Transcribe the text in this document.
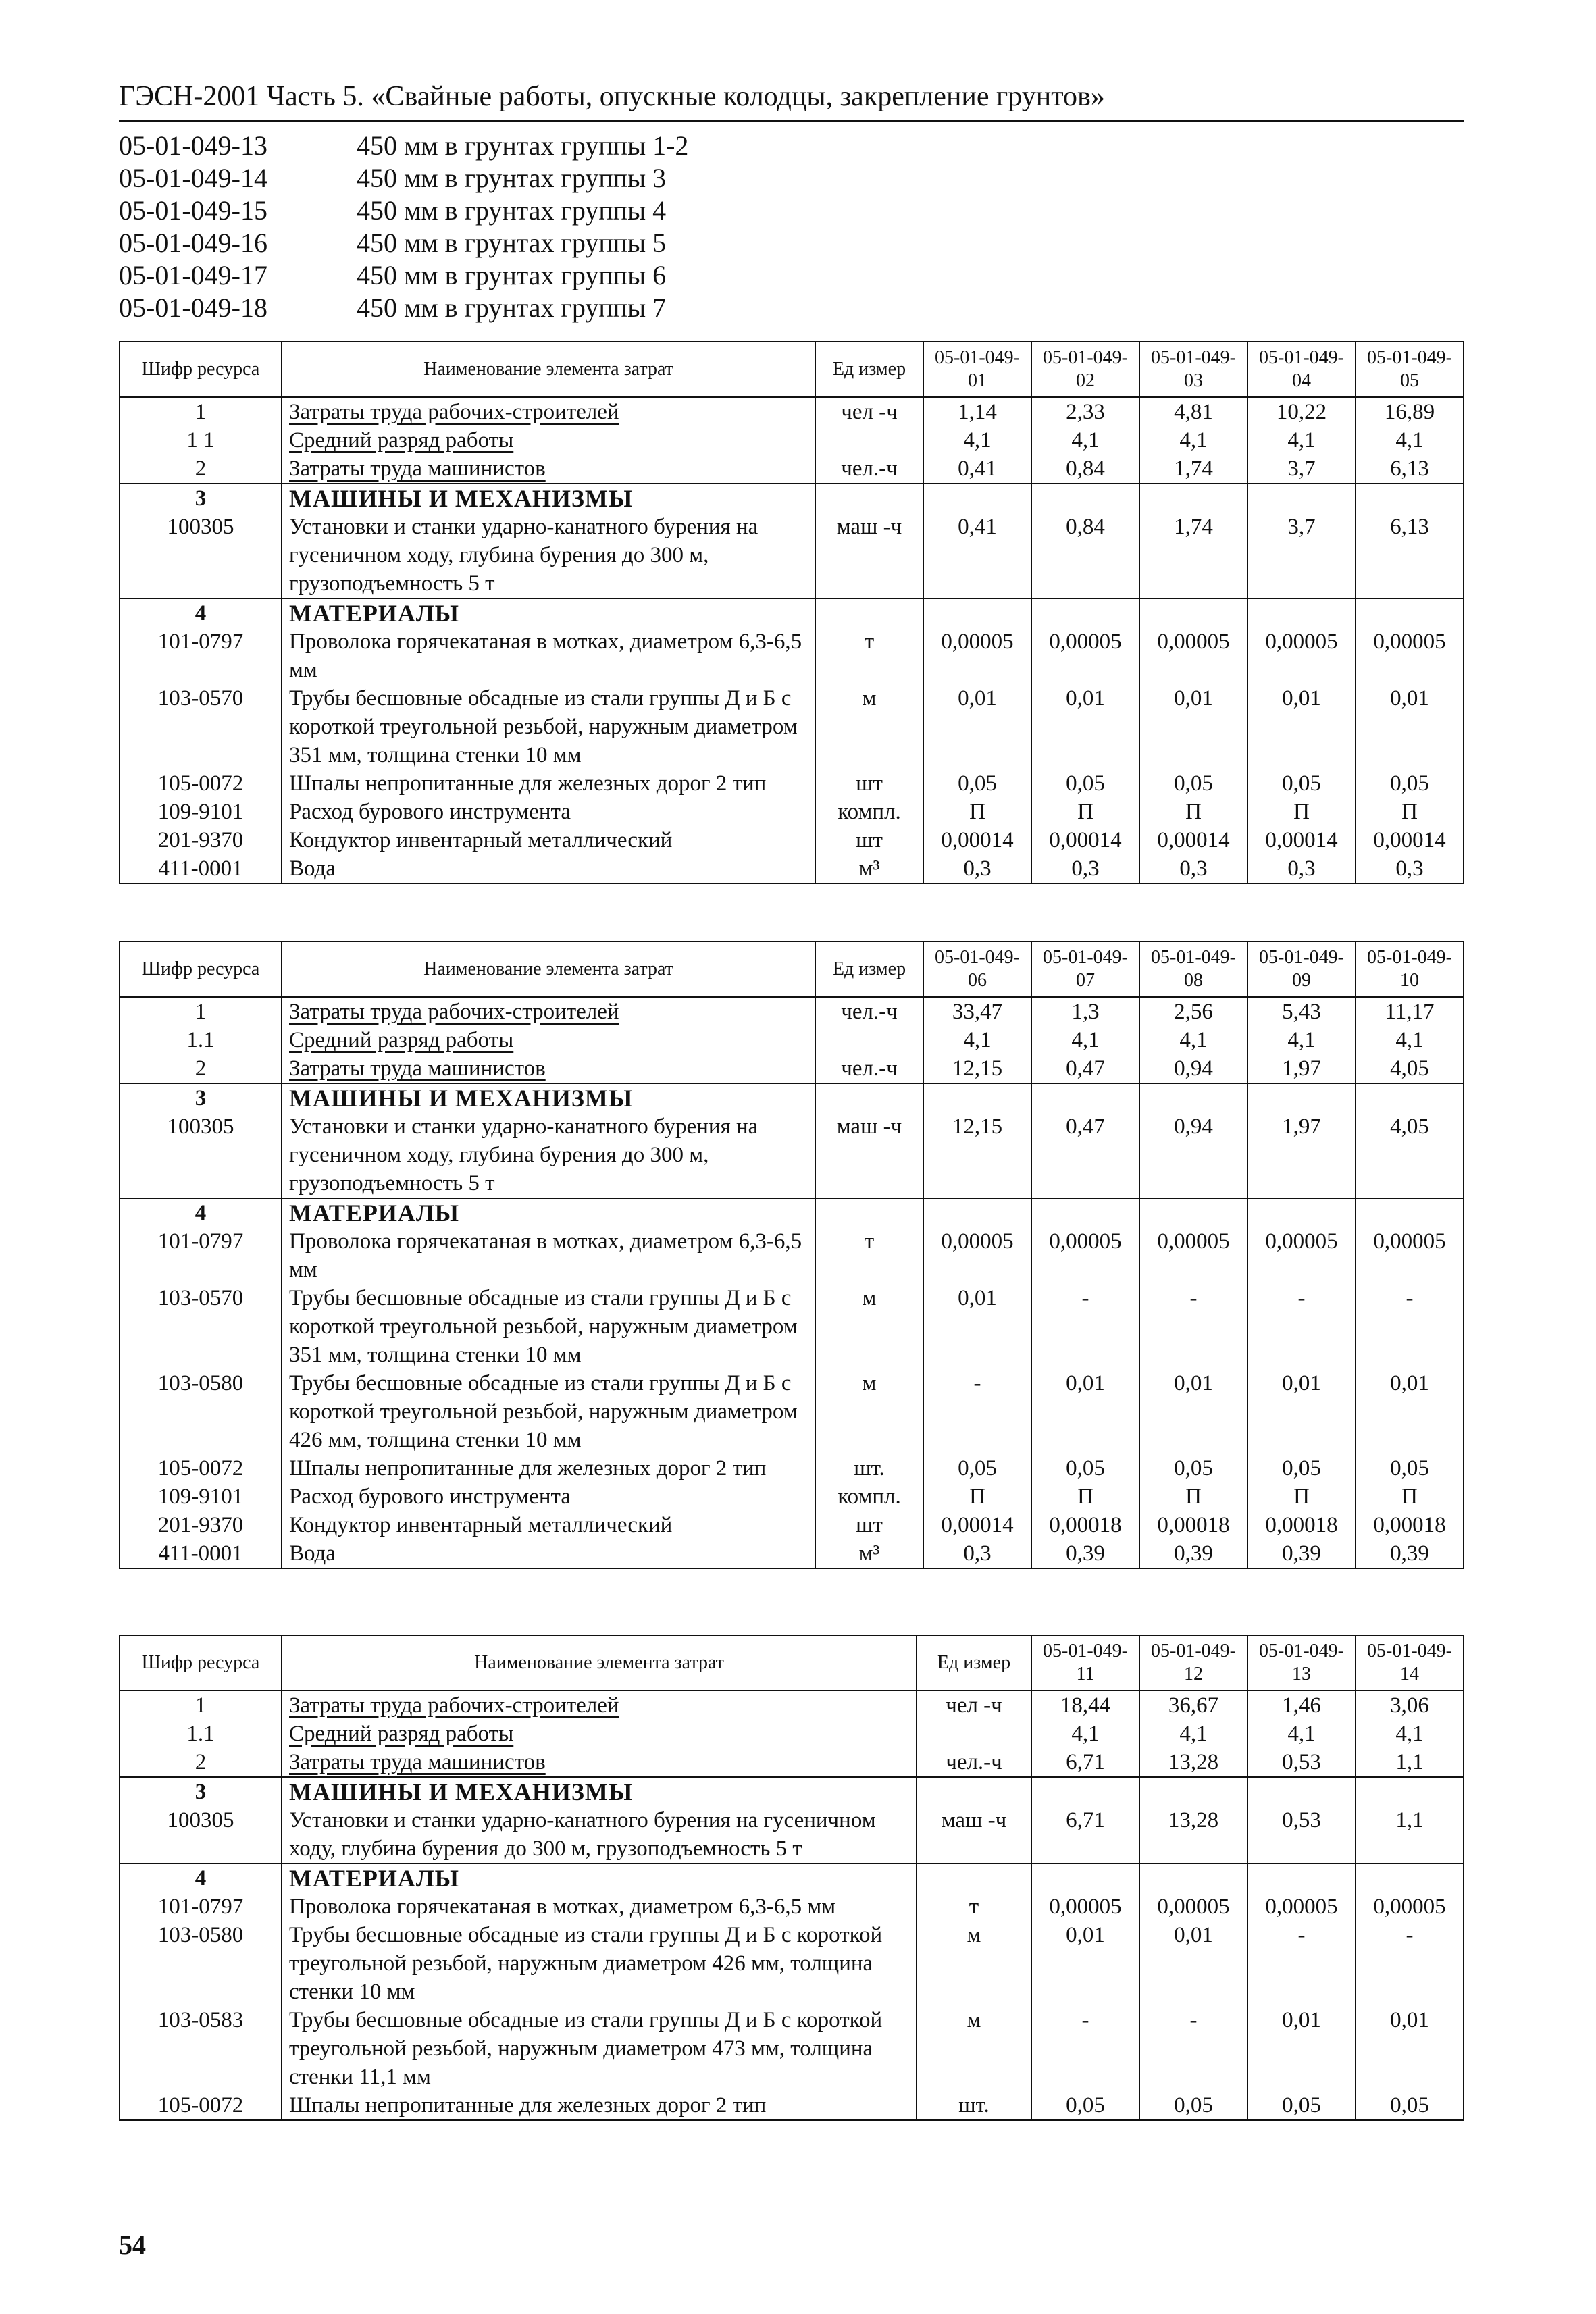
ГЭСН-2001 Часть 5. «Свайные работы, опускные колодцы, закрепление грунтов»
05-01-049-13	450 мм в грунтах группы 1-2
05-01-049-14	450 мм в грунтах группы 3
05-01-049-15	450 мм в грунтах группы 4
05-01-049-16	450 мм в грунтах группы 5
05-01-049-17	450 мм в грунтах группы 6
05-01-049-18	450 мм в грунтах группы 7
Шифр ресурса	Наименование элемента затрат	Ед измер	05-01-049-01	05-01-049-02	05-01-049-03	05-01-049-04	05-01-049-05
1	Затраты труда рабочих-строителей	чел -ч	1,14	2,33	4,81	10,22	16,89
1 1	Средний разряд работы		4,1	4,1	4,1	4,1	4,1
2	Затраты труда машинистов	чел.-ч	0,41	0,84	1,74	3,7	6,13
3	МАШИНЫ И МЕХАНИЗМЫ						
100305	Установки и станки ударно-канатного бурения на гусеничном ходу, глубина бурения до 300 м, грузоподъемность 5 т	маш -ч	0,41	0,84	1,74	3,7	6,13
4	МАТЕРИАЛЫ						
101-0797	Проволока горячекатаная в мотках, диаметром 6,3-6,5 мм	т	0,00005	0,00005	0,00005	0,00005	0,00005
103-0570	Трубы бесшовные обсадные из стали группы Д и Б с короткой треугольной резьбой, наружным диаметром 351 мм, толщина стенки 10 мм	м	0,01	0,01	0,01	0,01	0,01
105-0072	Шпалы непропитанные для железных дорог 2 тип	шт	0,05	0,05	0,05	0,05	0,05
109-9101	Расход бурового инструмента	компл.	П	П	П	П	П
201-9370	Кондуктор инвентарный металлический	шт	0,00014	0,00014	0,00014	0,00014	0,00014
411-0001	Вода	м³	0,3	0,3	0,3	0,3	0,3
Шифр ресурса	Наименование элемента затрат	Ед измер	05-01-049-06	05-01-049-07	05-01-049-08	05-01-049-09	05-01-049-10
1	Затраты труда рабочих-строителей	чел.-ч	33,47	1,3	2,56	5,43	11,17
1.1	Средний разряд работы		4,1	4,1	4,1	4,1	4,1
2	Затраты труда машинистов	чел.-ч	12,15	0,47	0,94	1,97	4,05
3	МАШИНЫ И МЕХАНИЗМЫ						
100305	Установки и станки ударно-канатного бурения на гусеничном ходу, глубина бурения до 300 м, грузоподъемность 5 т	маш -ч	12,15	0,47	0,94	1,97	4,05
4	МАТЕРИАЛЫ						
101-0797	Проволока горячекатаная в мотках, диаметром 6,3-6,5 мм	т	0,00005	0,00005	0,00005	0,00005	0,00005
103-0570	Трубы бесшовные обсадные из стали группы Д и Б с короткой треугольной резьбой, наружным диаметром 351 мм, толщина стенки 10 мм	м	0,01	-	-	-	-
103-0580	Трубы бесшовные обсадные из стали группы Д и Б с короткой треугольной резьбой, наружным диаметром 426 мм, толщина стенки 10 мм	м	-	0,01	0,01	0,01	0,01
105-0072	Шпалы непропитанные для железных дорог 2 тип	шт.	0,05	0,05	0,05	0,05	0,05
109-9101	Расход бурового инструмента	компл.	П	П	П	П	П
201-9370	Кондуктор инвентарный металлический	шт	0,00014	0,00018	0,00018	0,00018	0,00018
411-0001	Вода	м³	0,3	0,39	0,39	0,39	0,39
Шифр ресурса	Наименование элемента затрат	Ед измер	05-01-049-11	05-01-049-12	05-01-049-13	05-01-049-14
1	Затраты труда рабочих-строителей	чел -ч	18,44	36,67	1,46	3,06
1.1	Средний разряд работы		4,1	4,1	4,1	4,1
2	Затраты труда машинистов	чел.-ч	6,71	13,28	0,53	1,1
3	МАШИНЫ И МЕХАНИЗМЫ					
100305	Установки и станки ударно-канатного бурения на гусеничном ходу, глубина бурения до 300 м, грузоподъемность 5 т	маш -ч	6,71	13,28	0,53	1,1
4	МАТЕРИАЛЫ					
101-0797	Проволока горячекатаная в мотках, диаметром 6,3-6,5 мм	т	0,00005	0,00005	0,00005	0,00005
103-0580	Трубы бесшовные обсадные из стали группы Д и Б с короткой треугольной резьбой, наружным диаметром 426 мм, толщина стенки 10 мм	м	0,01	0,01	-	-
103-0583	Трубы бесшовные обсадные из стали группы Д и Б с короткой треугольной резьбой, наружным диаметром 473 мм, толщина стенки 11,1 мм	м	-	-	0,01	0,01
105-0072	Шпалы непропитанные для железных дорог 2 тип	шт.	0,05	0,05	0,05	0,05
54
